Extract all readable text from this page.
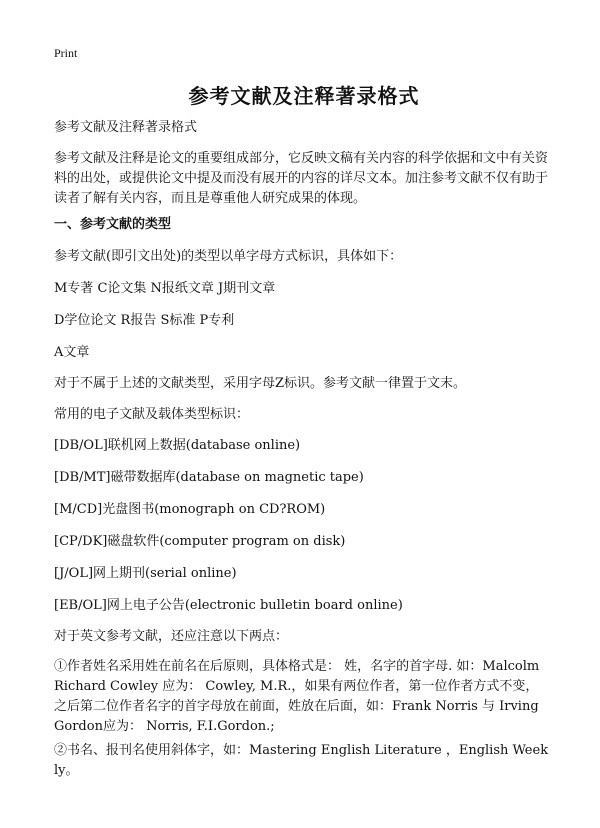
Print
参考文献及注释著录格式
参考文献及注释著录格式
参考文献及注释是论文的重要组成部分，它反映文稿有关内容的科学依据和文中有关资料的出处，或提供论文中提及而没有展开的内容的详尽文本。加注参考文献不仅有助于读者了解有关内容，而且是尊重他人研究成果的体现。
一、参考文献的类型
参考文献(即引文出处)的类型以单字母方式标识，具体如下：
M专著 C论文集 N报纸文章 J期刊文章
D学位论文 R报告 S标准 P专利
A文章
对于不属于上述的文献类型，采用字母Z标识。参考文献一律置于文末。
常用的电子文献及载体类型标识：
[DB/OL]联机网上数据(database online)
[DB/MT]磁带数据库(database on magnetic tape)
[M/CD]光盘图书(monograph on CD?ROM)
[CP/DK]磁盘软件(computer program on disk)
[J/OL]网上期刊(serial online)
[EB/OL]网上电子公告(electronic bulletin board online)
对于英文参考文献，还应注意以下两点：
①作者姓名采用姓在前名在后原则，具体格式是： 姓，名字的首字母. 如：Malcolm Richard Cowley 应为： Cowley, M.R.，如果有两位作者，第一位作者方式不变，之后第二位作者名字的首字母放在前面，姓放在后面，如：Frank Norris 与 Irving Gordon应为： Norris, F.I.Gordon.;
②书名、报刊名使用斜体字，如：Mastering English Literature ，English Weekly。
